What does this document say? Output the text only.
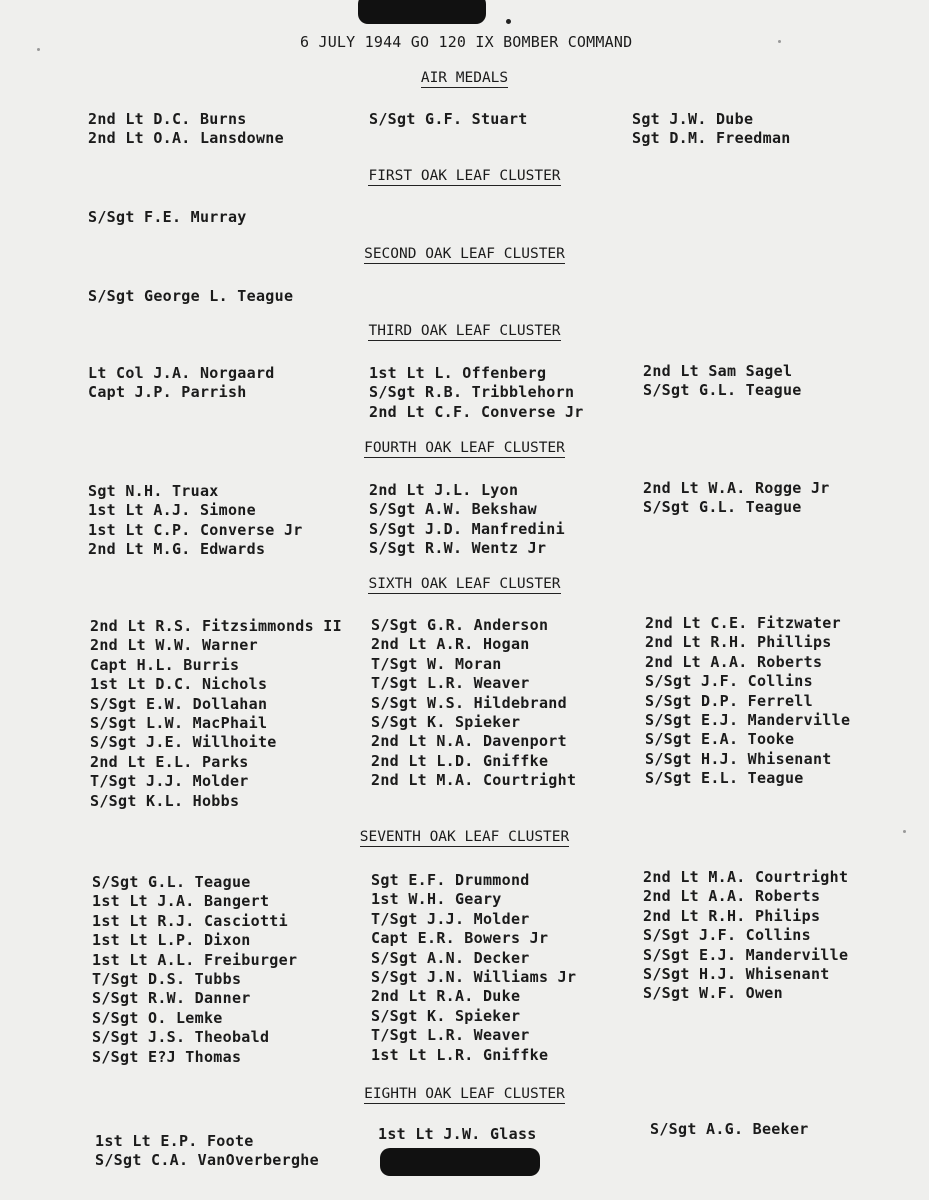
6 JULY 1944 GO 120 IX BOMBER COMMAND
AIR MEDALS
2nd Lt D.C. Burns
2nd Lt O.A. Lansdowne
S/Sgt G.F. Stuart	Sgt J.W. Dube
Sgt D.M. Freedman
FIRST OAK LEAF CLUSTER
S/Sgt F.E. Murray
SECOND OAK LEAF CLUSTER
S/Sgt George L. Teague
THIRD OAK LEAF CLUSTER
Lt Col J.A. Norgaard
Capt J.P. Parrish
1st Lt L. Offenberg
S/Sgt R.B. Tribblehorn
2nd Lt C.F. Converse Jr
2nd Lt Sam Sagel
S/Sgt G.L. Teague
FOURTH OAK LEAF CLUSTER
Sgt N.H. Truax
1st Lt A.J. Simone
1st Lt C.P. Converse Jr
2nd Lt M.G. Edwards
2nd Lt J.L. Lyon
S/Sgt A.W. Bekshaw
S/Sgt J.D. Manfredini
S/Sgt R.W. Wentz Jr
2nd Lt W.A. Rogge Jr
S/Sgt G.L. Teague
SIXTH OAK LEAF CLUSTER
2nd Lt R.S. Fitzsimmonds II
2nd Lt W.W. Warner
Capt H.L. Burris
1st Lt D.C. Nichols
S/Sgt E.W. Dollahan
S/Sgt L.W. MacPhail
S/Sgt J.E. Willhoite
2nd Lt E.L. Parks
T/Sgt J.J. Molder
S/Sgt K.L. Hobbs
S/Sgt G.R. Anderson
2nd Lt A.R. Hogan
T/Sgt W. Moran
T/Sgt L.R. Weaver
S/Sgt W.S. Hildebrand
S/Sgt K. Spieker
2nd Lt N.A. Davenport
2nd Lt L.D. Gniffke
2nd Lt M.A. Courtright
2nd Lt C.E. Fitzwater
2nd Lt R.H. Phillips
2nd Lt A.A. Roberts
S/Sgt J.F. Collins
S/Sgt D.P. Ferrell
S/Sgt E.J. Manderville
S/Sgt E.A. Tooke
S/Sgt H.J. Whisenant
S/Sgt E.L. Teague
SEVENTH OAK LEAF CLUSTER
S/Sgt G.L. Teague
1st Lt J.A. Bangert
1st Lt R.J. Casciotti
1st Lt L.P. Dixon
1st Lt A.L. Freiburger
T/Sgt D.S. Tubbs
S/Sgt R.W. Danner
S/Sgt O. Lemke
S/Sgt J.S. Theobald
S/Sgt E?J Thomas
Sgt E.F. Drummond
1st W.H. Geary
T/Sgt J.J. Molder
Capt E.R. Bowers Jr
S/Sgt A.N. Decker
S/Sgt J.N. Williams Jr
2nd Lt R.A. Duke
S/Sgt K. Spieker
T/Sgt L.R. Weaver
1st Lt L.R. Gniffke
2nd Lt M.A. Courtright
2nd Lt A.A. Roberts
2nd Lt R.H. Philips
S/Sgt J.F. Collins
S/Sgt E.J. Manderville
S/Sgt H.J. Whisenant
S/Sgt W.F. Owen
EIGHTH OAK LEAF CLUSTER
1st Lt E.P. Foote
S/Sgt C.A. VanOverberghe
1st Lt J.W. Glass	S/Sgt A.G. Beeker
